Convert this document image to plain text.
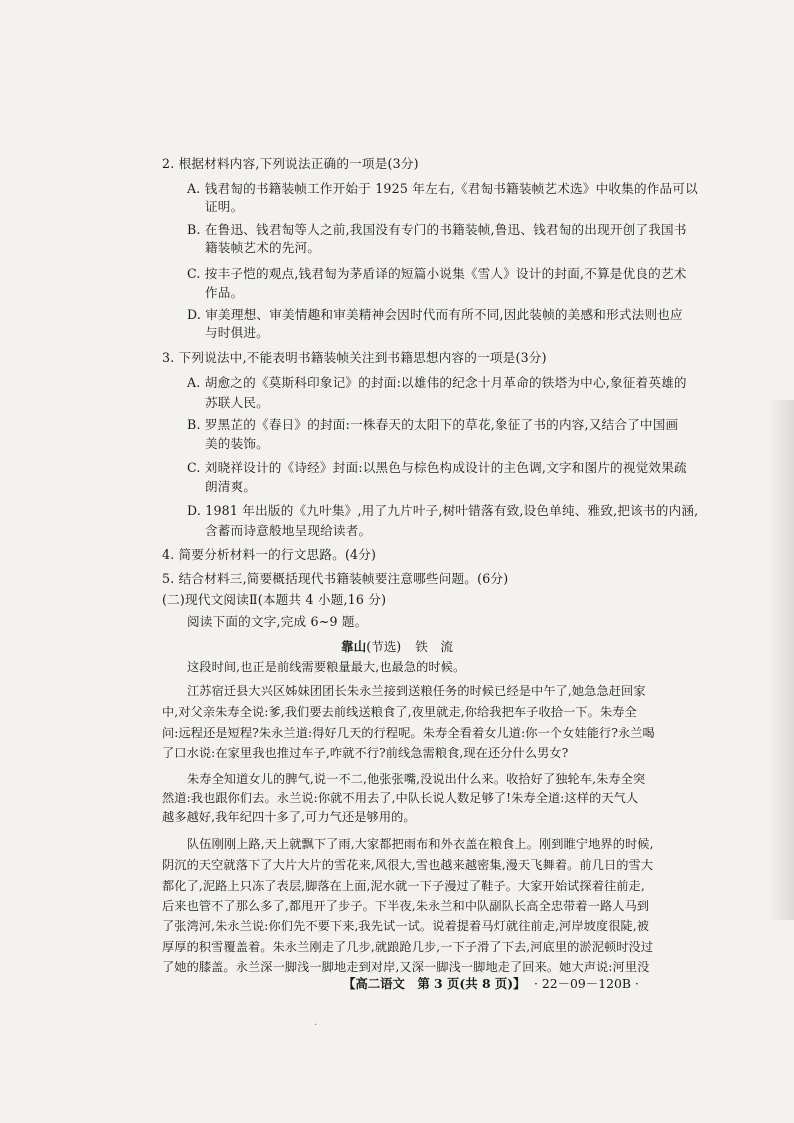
2. 根据材料内容,下列说法正确的一项是(3分)
A. 钱君匋的书籍装帧工作开始于 1925 年左右,《君匋书籍装帧艺术选》中收集的作品可以
证明。
B. 在鲁迅、钱君匋等人之前,我国没有专门的书籍装帧,鲁迅、钱君匋的出现开创了我国书
籍装帧艺术的先河。
C. 按丰子恺的观点,钱君匋为茅盾译的短篇小说集《雪人》设计的封面,不算是优良的艺术
作品。
D. 审美理想、审美情趣和审美精神会因时代而有所不同,因此装帧的美感和形式法则也应
与时俱进。
3. 下列说法中,不能表明书籍装帧关注到书籍思想内容的一项是(3分)
A. 胡愈之的《莫斯科印象记》的封面:以雄伟的纪念十月革命的铁塔为中心,象征着英雄的
苏联人民。
B. 罗黑芷的《春日》的封面:一株春天的太阳下的草花,象征了书的内容,又结合了中国画
美的装饰。
C. 刘晓祥设计的《诗经》封面:以黑色与棕色构成设计的主色调,文字和图片的视觉效果疏
朗清爽。
D. 1981 年出版的《九叶集》,用了九片叶子,树叶错落有致,设色单纯、雅致,把该书的内涵,
含蓄而诗意般地呈现给读者。
4. 简要分析材料一的行文思路。(4分)
5. 结合材料三,简要概括现代书籍装帧要注意哪些问题。(6分)
(二)现代文阅读Ⅱ(本题共 4 小题,16 分)
阅读下面的文字,完成 6~9 题。
靠山(节选) 铁　流
这段时间,也正是前线需要粮量最大,也最急的时候。
江苏宿迁县大兴区姊妹团团长朱永兰接到送粮任务的时候已经是中午了,她急急赶回家
中,对父亲朱寿全说:爹,我们要去前线送粮食了,夜里就走,你给我把车子收拾一下。朱寿全
问:远程还是短程?朱永兰道:得好几天的行程呢。朱寿全看着女儿道:你一个女娃能行?永兰喝
了口水说:在家里我也推过车子,咋就不行?前线急需粮食,现在还分什么男女?
朱寿全知道女儿的脾气,说一不二,他张张嘴,没说出什么来。收拾好了独轮车,朱寿全突
然道:我也跟你们去。永兰说:你就不用去了,中队长说人数足够了!朱寿全道:这样的天气人
越多越好,我年纪四十多了,可力气还是够用的。
队伍刚刚上路,天上就飘下了雨,大家都把雨布和外衣盖在粮食上。刚到睢宁地界的时候,
阴沉的天空就落下了大片大片的雪花来,风很大,雪也越来越密集,漫天飞舞着。前几日的雪大
都化了,泥路上只冻了表层,脚落在上面,泥水就一下子漫过了鞋子。大家开始试探着往前走,
后来也管不了那么多了,都甩开了步子。下半夜,朱永兰和中队副队长高全忠带着一路人马到
了张湾河,朱永兰说:你们先不要下来,我先试一试。说着提着马灯就往前走,河岸坡度很陡,被
厚厚的积雪覆盖着。朱永兰刚走了几步,就踉跄几步,一下子滑了下去,河底里的淤泥顿时没过
了她的膝盖。永兰深一脚浅一脚地走到对岸,又深一脚浅一脚地走了回来。她大声说:河里没
【高二语文　第 3 页(共 8 页)】 · 22－09－120B ·
·
